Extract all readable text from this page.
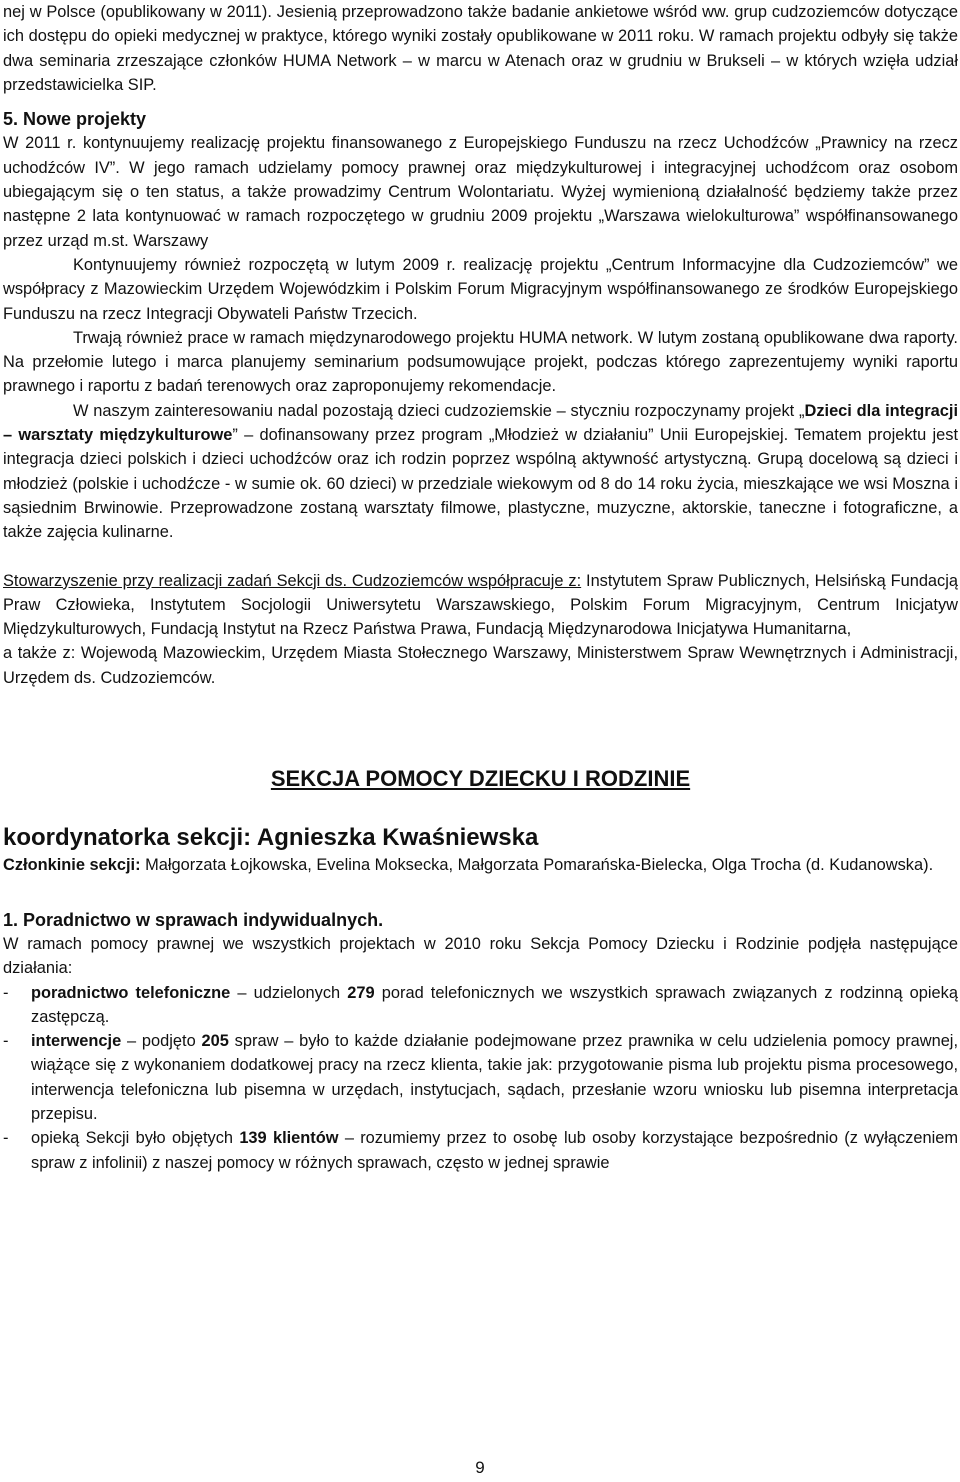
nej w Polsce (opublikowany w 2011). Jesienią przeprowadzono także badanie ankietowe wśród ww. grup cudzoziemców dotyczące ich dostępu do opieki medycznej w praktyce, którego wyniki zostały opublikowane w 2011 roku. W ramach projektu odbyły się także dwa seminaria zrzeszające członków HUMA Network – w marcu w Atenach oraz w grudniu w Brukseli – w których wzięła udział przedstawicielka SIP.

5. Nowe projekty

W 2011 r. kontynuujemy realizację projektu finansowanego z Europejskiego Funduszu na rzecz Uchodźców „Prawnicy na rzecz uchodźców IV”. W jego ramach udzielamy pomocy prawnej oraz międzykulturowej i integracyjnej uchodźcom oraz osobom ubiegającym się o ten status, a także prowadzimy Centrum Wolontariatu. Wyżej wymienioną działalność będziemy także przez następne 2 lata kontynuować w ramach rozpoczętego w grudniu 2009 projektu „Warszawa wielokulturowa” współfinansowanego przez urząd m.st. Warszawy

Kontynuujemy również rozpoczętą w lutym 2009 r. realizację projektu „Centrum Informacyjne dla Cudzoziemców” we współpracy z Mazowieckim Urzędem Wojewódzkim i Polskim Forum Migracyjnym współfinansowanego ze środków Europejskiego Funduszu na rzecz Integracji Obywateli Państw Trzecich.

Trwają również prace w ramach międzynarodowego projektu HUMA network. W lutym zostaną opublikowane dwa raporty. Na przełomie lutego i marca planujemy seminarium podsumowujące projekt, podczas którego zaprezentujemy wyniki raportu prawnego i raportu z badań terenowych oraz zaproponujemy rekomendacje.

W naszym zainteresowaniu nadal pozostają dzieci cudzoziemskie – styczniu rozpoczynamy projekt „Dzieci dla integracji – warsztaty międzykulturowe” – dofinansowany przez program „Młodzież w działaniu” Unii Europejskiej. Tematem projektu jest integracja dzieci polskich i dzieci uchodźców oraz ich rodzin poprzez wspólną aktywność artystyczną. Grupą docelową są dzieci i młodzież (polskie i uchodźcze - w sumie ok. 60 dzieci) w przedziale wiekowym od 8 do 14 roku życia, mieszkające we wsi Moszna i sąsiednim Brwinowie. Przeprowadzone zostaną warsztaty filmowe, plastyczne, muzyczne, aktorskie, taneczne i fotograficzne, a także zajęcia kulinarne.

Stowarzyszenie przy realizacji zadań Sekcji ds. Cudzoziemców współpracuje z: Instytutem Spraw Publicznych, Helsińską Fundacją Praw Człowieka, Instytutem Socjologii Uniwersytetu Warszawskiego, Polskim Forum Migracyjnym, Centrum Inicjatyw Międzykulturowych, Fundacją Instytut na Rzecz Państwa Prawa, Fundacją Międzynarodowa Inicjatywa Humanitarna,

a także z: Wojewodą Mazowieckim, Urzędem Miasta Stołecznego Warszawy, Ministerstwem Spraw Wewnętrznych i Administracji, Urzędem ds. Cudzoziemców.

SEKCJA POMOCY DZIECKU I RODZINIE

koordynatorka sekcji: Agnieszka Kwaśniewska

Członkinie sekcji: Małgorzata Łojkowska, Evelina Moksecka, Małgorzata Pomarańska-Bielecka, Olga Trocha (d. Kudanowska).

1. Poradnictwo w sprawach indywidualnych.

W ramach pomocy prawnej we wszystkich projektach w 2010 roku Sekcja Pomocy Dziecku i Rodzinie podjęła następujące działania:

- poradnictwo telefoniczne – udzielonych 279 porad telefonicznych we wszystkich sprawach związanych z rodzinną opieką zastępczą.
- interwencje – podjęto 205 spraw – było to każde działanie podejmowane przez prawnika w celu udzielenia pomocy prawnej, wiążące się z wykonaniem dodatkowej pracy na rzecz klienta, takie jak: przygotowanie pisma lub projektu pisma procesowego, interwencja telefoniczna lub pisemna w urzędach, instytucjach, sądach, przesłanie wzoru wniosku lub pisemna interpretacja przepisu.
- opieką Sekcji było objętych 139 klientów – rozumiemy przez to osobę lub osoby korzystające bezpośrednio (z wyłączeniem spraw z infolinii) z naszej pomocy w różnych sprawach, często w jednej sprawie
9
